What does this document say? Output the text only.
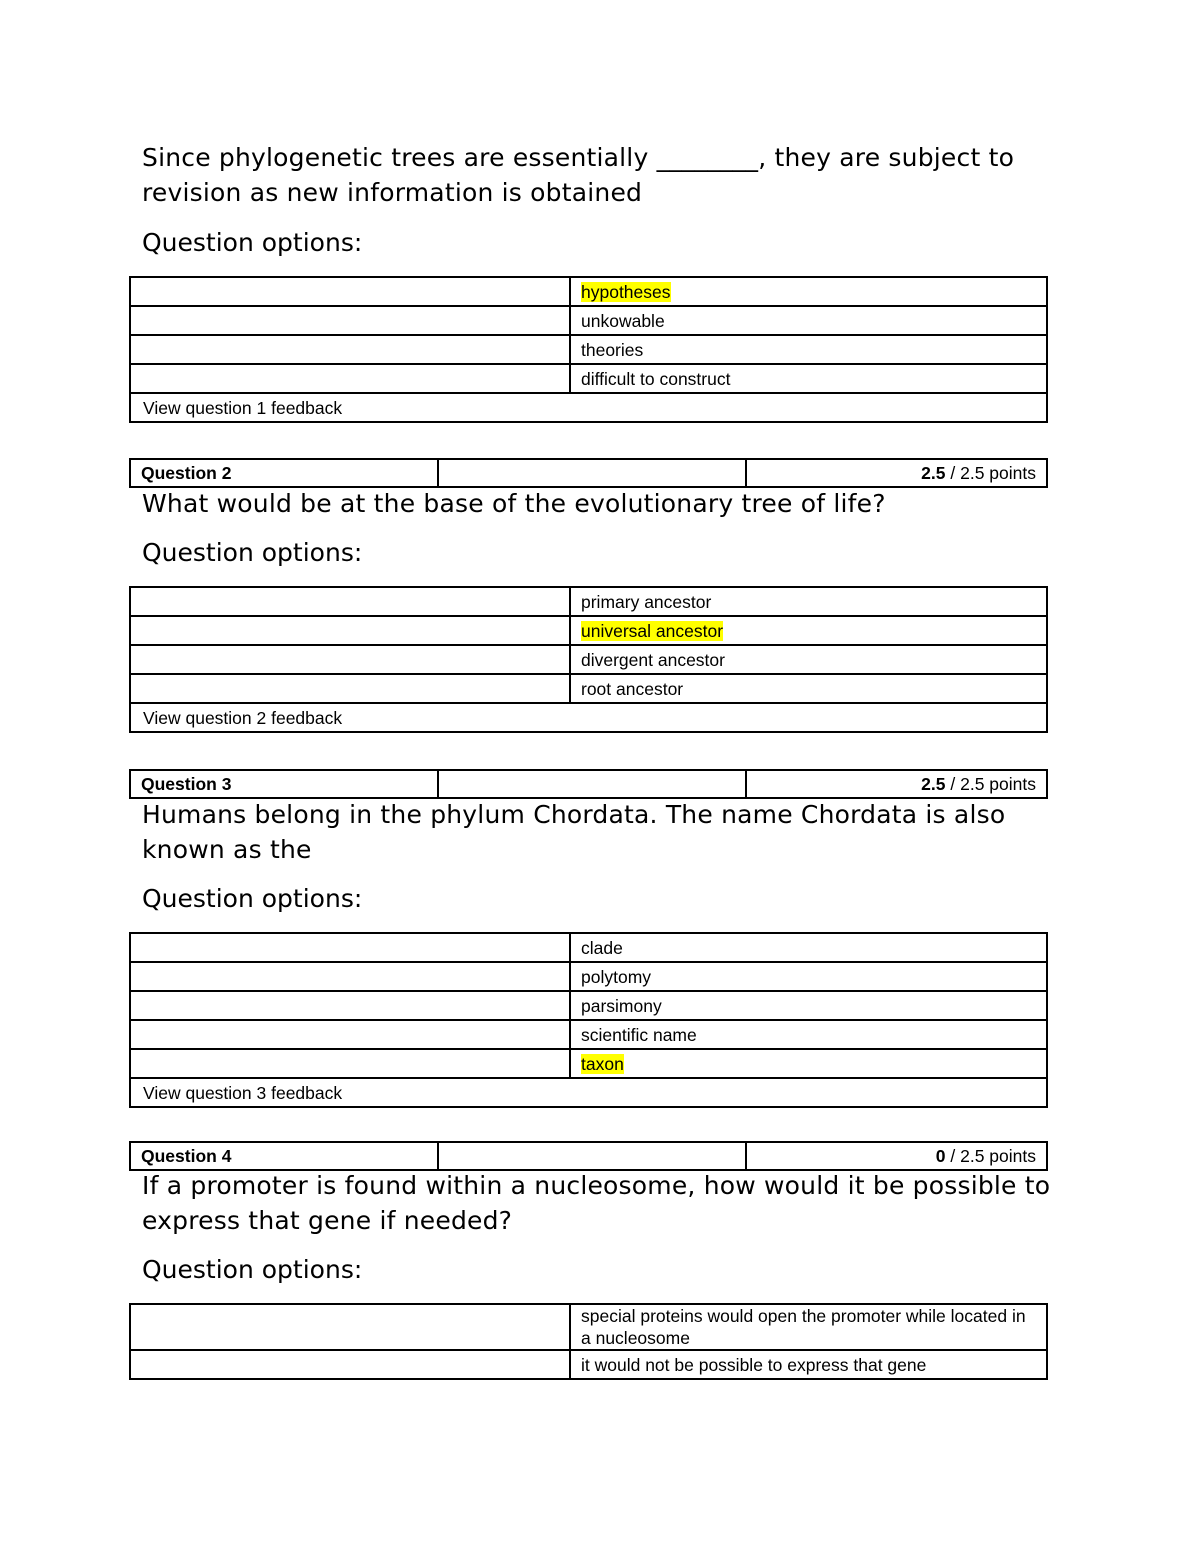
Since phylogenetic trees are essentially ________, they are subject to revision as new information is obtained

Question options:

	hypotheses
	unkowable
	theories
	difficult to construct
View question 1 feedback	
Question 2		2.5 / 2.5 points

What would be at the base of the evolutionary tree of life?

Question options:

	primary ancestor
	universal ancestor
	divergent ancestor
	root ancestor
View question 2 feedback	
Question 3		2.5 / 2.5 points

Humans belong in the phylum Chordata. The name Chordata is also known as the

Question options:

	clade
	polytomy
	parsimony
	scientific name
	taxon
View question 3 feedback	
Question 4		0 / 2.5 points

If a promoter is found within a nucleosome, how would it be possible to express that gene if needed?

Question options:

	special proteins would open the promoter while located in a nucleosome
	it would not be possible to express that gene
